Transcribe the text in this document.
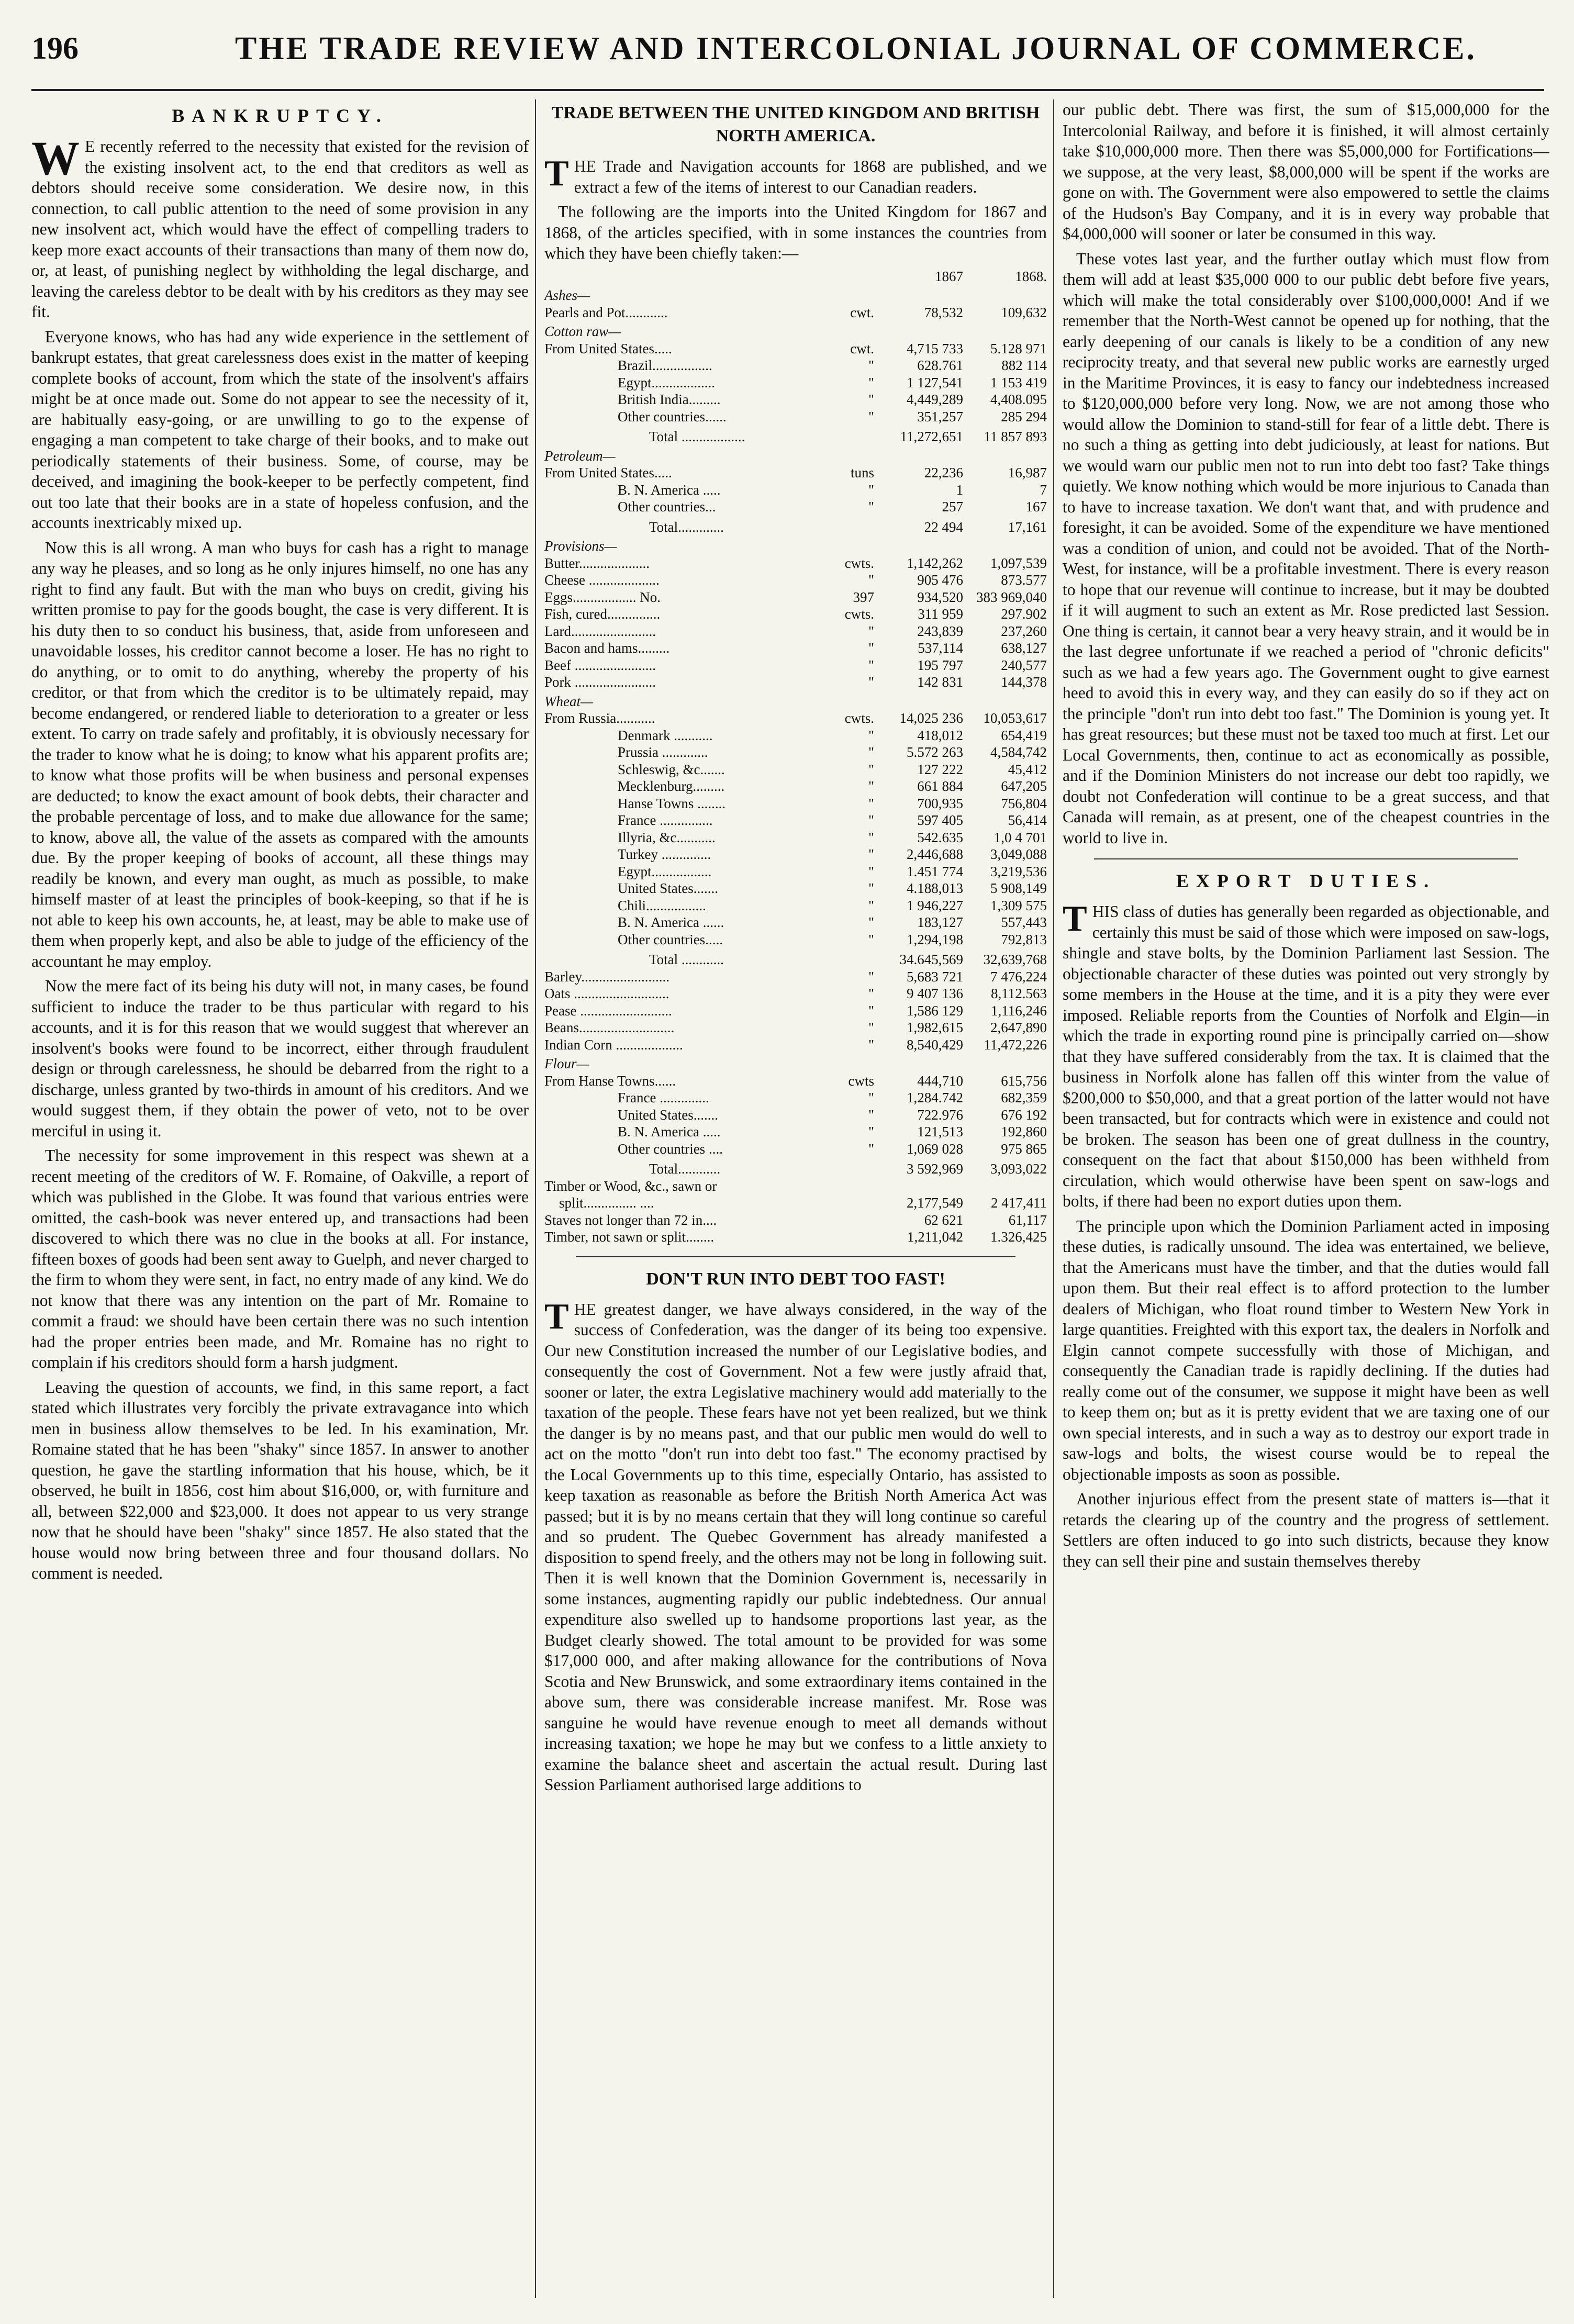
196	THE TRADE REVIEW AND INTERCOLONIAL JOURNAL OF COMMERCE.
BANKRUPTCY.

W E recently referred to the necessity that existed for the revision of the existing insolvent act, to the end that creditors as well as debtors should receive some consideration. We desire now, in this connection, to call public attention to the need of some provision in any new insolvent act, which would have the effect of compelling traders to keep more exact accounts of their transactions than many of them now do, or, at least, of punishing neglect by withholding the legal discharge, and leaving the careless debtor to be dealt with by his creditors as they may see fit.

Everyone knows, who has had any wide experience in the settlement of bankrupt estates, that great carelessness does exist in the matter of keeping complete books of account, from which the state of the insolvent's affairs might be at once made out. Some do not appear to see the necessity of it, are habitually easy-going, or are unwilling to go to the expense of engaging a man competent to take charge of their books, and to make out periodically statements of their business. Some, of course, may be deceived, and imagining the book-keeper to be perfectly competent, find out too late that their books are in a state of hopeless confusion, and the accounts inextricably mixed up.

Now this is all wrong. A man who buys for cash has a right to manage any way he pleases, and so long as he only injures himself, no one has any right to find any fault. But with the man who buys on credit, giving his written promise to pay for the goods bought, the case is very different. It is his duty then to so conduct his business, that, aside from unforeseen and unavoidable losses, his creditor cannot become a loser. He has no right to do anything, or to omit to do anything, whereby the property of his creditor, or that from which the creditor is to be ultimately repaid, may become endangered, or rendered liable to deterioration to a greater or less extent. To carry on trade safely and profitably, it is obviously necessary for the trader to know what he is doing; to know what his apparent profits are; to know what those profits will be when business and personal expenses are deducted; to know the exact amount of book debts, their character and the probable percentage of loss, and to make due allowance for the same; to know, above all, the value of the assets as compared with the amounts due. By the proper keeping of books of account, all these things may readily be known, and every man ought, as much as possible, to make himself master of at least the principles of book-keeping, so that if he is not able to keep his own accounts, he, at least, may be able to make use of them when properly kept, and also be able to judge of the efficiency of the accountant he may employ.

Now the mere fact of its being his duty will not, in many cases, be found sufficient to induce the trader to be thus particular with regard to his accounts, and it is for this reason that we would suggest that wherever an insolvent's books were found to be incorrect, either through fraudulent design or through carelessness, he should be debarred from the right to a discharge, unless granted by two-thirds in amount of his creditors. And we would suggest them, if they obtain the power of veto, not to be over merciful in using it.

The necessity for some improvement in this respect was shewn at a recent meeting of the creditors of W. F. Romaine, of Oakville, a report of which was published in the Globe. It was found that various entries were omitted, the cash-book was never entered up, and transactions had been discovered to which there was no clue in the books at all. For instance, fifteen boxes of goods had been sent away to Guelph, and never charged to the firm to whom they were sent, in fact, no entry made of any kind. We do not know that there was any intention on the part of Mr. Romaine to commit a fraud: we should have been certain there was no such intention had the proper entries been made, and Mr. Romaine has no right to complain if his creditors should form a harsh judgment.

Leaving the question of accounts, we find, in this same report, a fact stated which illustrates very forcibly the private extravagance into which men in business allow themselves to be led. In his examination, Mr. Romaine stated that he has been "shaky" since 1857. In answer to another question, he gave the startling information that his house, which, be it observed, he built in 1856, cost him about $16,000, or, with furniture and all, between $22,000 and $23,000. It does not appear to us very strange now that he should have been "shaky" since 1857. He also stated that the house would now bring between three and four thousand dollars. No comment is needed.

TRADE BETWEEN THE UNITED KINGDOM AND BRITISH NORTH AMERICA.

THE Trade and Navigation accounts for 1868 are published, and we extract a few of the items of interest to our Canadian readers.

The following are the imports into the United Kingdom for 1867 and 1868, of the articles specified, with in some instances the countries from which they have been chiefly taken:—

		1867	1868.
Ashes—			
Pearls and Pot............	cwt.	78,532	109,632
Cotton raw—			
From United States.....	cwt.	4,715 733	5.128 971
Brazil.................	"	628.761	882 114
Egypt..................	"	1 127,541	1 153 419
British India.........	"	4,449,289	4,408.095
Other countries......	"	351,257	285 294
Total ..................		11,272,651	11 857 893
Petroleum—			
From United States.....	tuns	22,236	16,987
B. N. America .....	"	1	7
Other countries...	"	257	167
Total.............		22 494	17,161
Provisions—			
Butter....................	cwts.	1,142,262	1,097,539
Cheese ....................	"	905 476	873.577
Eggs.................. No.	397	934,520	383 969,040
Fish, cured...............	cwts.	311 959	297.902
Lard........................	"	243,839	237,260
Bacon and hams.........	"	537,114	638,127
Beef .......................	"	195 797	240,577
Pork .......................	"	142 831	144,378
Wheat—			
From Russia...........	cwts.	14,025 236	10,053,617
Denmark ...........	"	418,012	654,419
Prussia .............	"	5.572 263	4,584,742
Schleswig, &c.......	"	127 222	45,412
Mecklenburg.........	"	661 884	647,205
Hanse Towns ........	"	700,935	756,804
France ...............	"	597 405	56,414
Illyria, &c...........	"	542.635	1,0 4 701
Turkey ..............	"	2,446,688	3,049,088
Egypt.................	"	1.451 774	3,219,536
United States.......	"	4.188,013	5 908,149
Chili.................	"	1 946,227	1,309 575
B. N. America ......	"	183,127	557,443
Other countries.....	"	1,294,198	792,813
Total ............		34.645,569	32,639,768
Barley.........................	"	5,683 721	7 476,224
Oats ...........................	"	9 407 136	8,112.563
Pease ..........................	"	1,586 129	1,116,246
Beans...........................	"	1,982,615	2,647,890
Indian Corn ...................	"	8,540,429	11,472,226
Flour—			
From Hanse Towns......	cwts	444,710	615,756
France ..............	"	1,284.742	682,359
United States.......	"	722.976	676 192
B. N. America .....	"	121,513	192,860
Other countries ....	"	1,069 028	975 865
Total............		3 592,969	3,093,022
Timber or Wood, &c., sawn or			
split............... ....		2,177,549	2 417,411
Staves not longer than 72 in....		62 621	61,117
Timber, not sawn or split........		1,211,042	1.326,425
DON'T RUN INTO DEBT TOO FAST!

THE greatest danger, we have always considered, in the way of the success of Confederation, was the danger of its being too expensive. Our new Constitution increased the number of our Legislative bodies, and consequently the cost of Government. Not a few were justly afraid that, sooner or later, the extra Legislative machinery would add materially to the taxation of the people. These fears have not yet been realized, but we think the danger is by no means past, and that our public men would do well to act on the motto "don't run into debt too fast." The economy practised by the Local Governments up to this time, especially Ontario, has assisted to keep taxation as reasonable as before the British North America Act was passed; but it is by no means certain that they will long continue so careful and so prudent. The Quebec Government has already manifested a disposition to spend freely, and the others may not be long in following suit. Then it is well known that the Dominion Government is, necessarily in some instances, augmenting rapidly our public indebtedness. Our annual expenditure also swelled up to handsome proportions last year, as the Budget clearly showed. The total amount to be provided for was some $17,000 000, and after making allowance for the contributions of Nova Scotia and New Brunswick, and some extraordinary items contained in the above sum, there was considerable increase manifest. Mr. Rose was sanguine he would have revenue enough to meet all demands without increasing taxation; we hope he may but we confess to a little anxiety to examine the balance sheet and ascertain the actual result. During last Session Parliament authorised large additions to

our public debt. There was first, the sum of $15,000,000 for the Intercolonial Railway, and before it is finished, it will almost certainly take $10,000,000 more. Then there was $5,000,000 for Fortifications—we suppose, at the very least, $8,000,000 will be spent if the works are gone on with. The Government were also empowered to settle the claims of the Hudson's Bay Company, and it is in every way probable that $4,000,000 will sooner or later be consumed in this way.

These votes last year, and the further outlay which must flow from them will add at least $35,000 000 to our public debt before five years, which will make the total considerably over $100,000,000! And if we remember that the North-West cannot be opened up for nothing, that the early deepening of our canals is likely to be a condition of any new reciprocity treaty, and that several new public works are earnestly urged in the Maritime Provinces, it is easy to fancy our indebtedness increased to $120,000,000 before very long. Now, we are not among those who would allow the Dominion to stand-still for fear of a little debt. There is no such a thing as getting into debt judiciously, at least for nations. But we would warn our public men not to run into debt too fast? Take things quietly. We know nothing which would be more injurious to Canada than to have to increase taxation. We don't want that, and with prudence and foresight, it can be avoided. Some of the expenditure we have mentioned was a condition of union, and could not be avoided. That of the North-West, for instance, will be a profitable investment. There is every reason to hope that our revenue will continue to increase, but it may be doubted if it will augment to such an extent as Mr. Rose predicted last Session. One thing is certain, it cannot bear a very heavy strain, and it would be in the last degree unfortunate if we reached a period of "chronic deficits" such as we had a few years ago. The Government ought to give earnest heed to avoid this in every way, and they can easily do so if they act on the principle "don't run into debt too fast." The Dominion is young yet. It has great resources; but these must not be taxed too much at first. Let our Local Governments, then, continue to act as economically as possible, and if the Dominion Ministers do not increase our debt too rapidly, we doubt not Confederation will continue to be a great success, and that Canada will remain, as at present, one of the cheapest countries in the world to live in.

EXPORT DUTIES.

THIS class of duties has generally been regarded as objectionable, and certainly this must be said of those which were imposed on saw-logs, shingle and stave bolts, by the Dominion Parliament last Session. The objectionable character of these duties was pointed out very strongly by some members in the House at the time, and it is a pity they were ever imposed. Reliable reports from the Counties of Norfolk and Elgin—in which the trade in exporting round pine is principally carried on—show that they have suffered considerably from the tax. It is claimed that the business in Norfolk alone has fallen off this winter from the value of $200,000 to $50,000, and that a great portion of the latter would not have been transacted, but for contracts which were in existence and could not be broken. The season has been one of great dullness in the country, consequent on the fact that about $150,000 has been withheld from circulation, which would otherwise have been spent on saw-logs and bolts, if there had been no export duties upon them.

The principle upon which the Dominion Parliament acted in imposing these duties, is radically unsound. The idea was entertained, we believe, that the Americans must have the timber, and that the duties would fall upon them. But their real effect is to afford protection to the lumber dealers of Michigan, who float round timber to Western New York in large quantities. Freighted with this export tax, the dealers in Norfolk and Elgin cannot compete successfully with those of Michigan, and consequently the Canadian trade is rapidly declining. If the duties had really come out of the consumer, we suppose it might have been as well to keep them on; but as it is pretty evident that we are taxing one of our own special interests, and in such a way as to destroy our export trade in saw-logs and bolts, the wisest course would be to repeal the objectionable imposts as soon as possible.

Another injurious effect from the present state of matters is—that it retards the clearing up of the country and the progress of settlement. Settlers are often induced to go into such districts, because they know they can sell their pine and sustain themselves thereby
